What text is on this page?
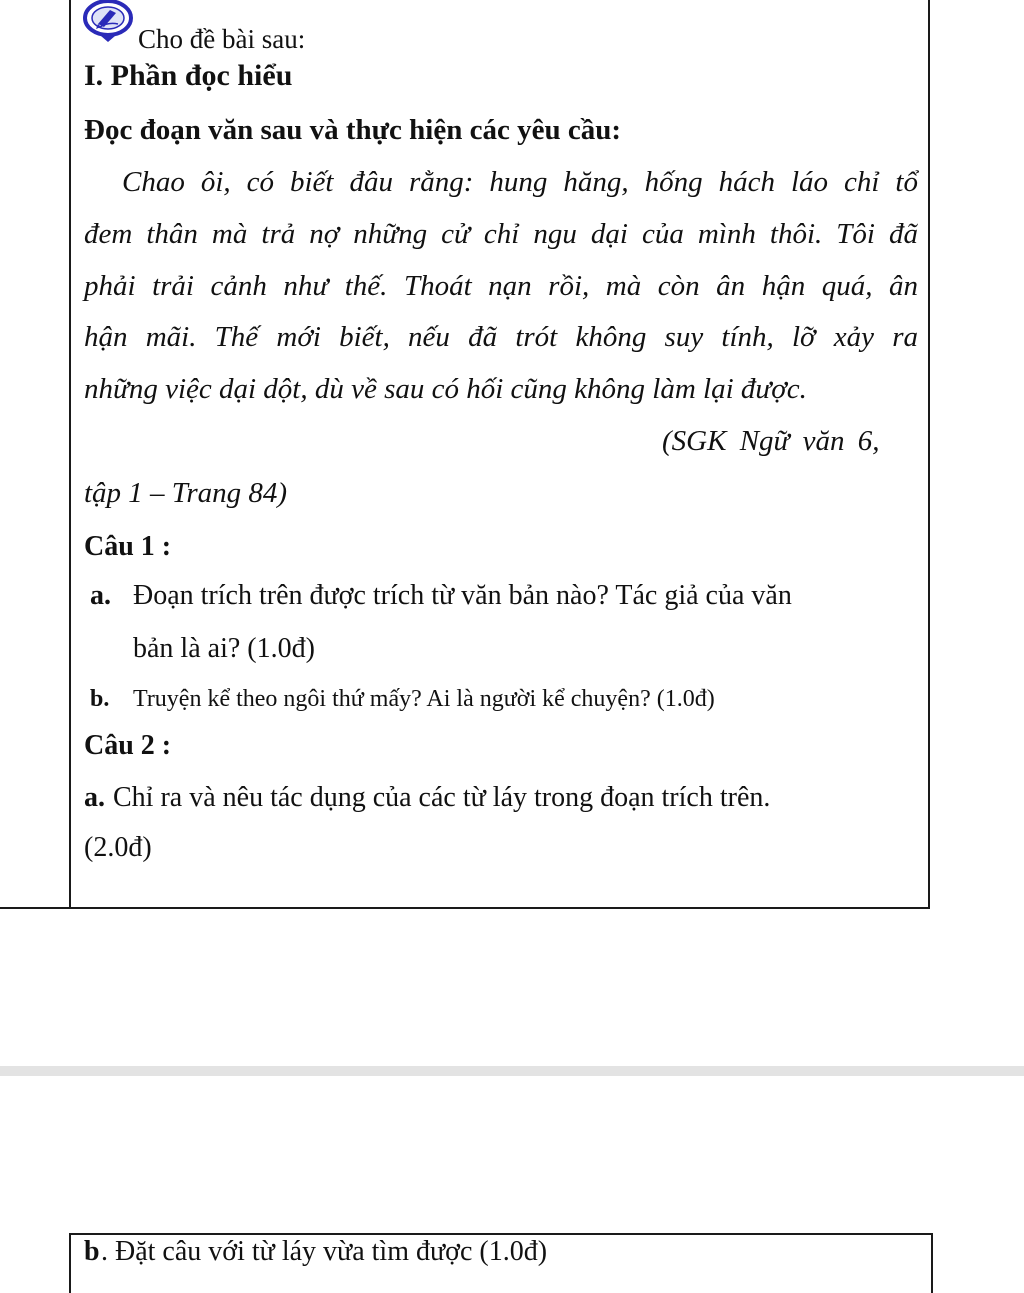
Cho đề bài sau:
I. Phần đọc hiểu
Đọc đoạn văn sau và thực hiện các yêu cầu:
Chao ôi, có biết đâu rằng: hung hăng, hống hách láo chỉ tổ
đem thân mà trả nợ những cử chỉ ngu dại của mình thôi. Tôi đã
phải trải cảnh như thế. Thoát nạn rồi, mà còn ân hận quá, ân
hận mãi. Thế mới biết, nếu đã trót không suy tính, lỡ xảy ra
những việc dại dột, dù về sau có hối cũng không làm lại được.
(SGK Ngữ văn 6,
tập 1 – Trang 84)
Câu 1 :
a. Đoạn trích trên được trích từ văn bản nào? Tác giả của văn
bản là ai? (1.0đ)
b. Truyện kể theo ngôi thứ mấy? Ai là người kể chuyện? (1.0đ)
Câu 2 :
a. Chỉ ra và nêu tác dụng của các từ láy trong đoạn trích trên.
(2.0đ)
b . Đặt câu với từ láy vừa tìm được (1.0đ)
